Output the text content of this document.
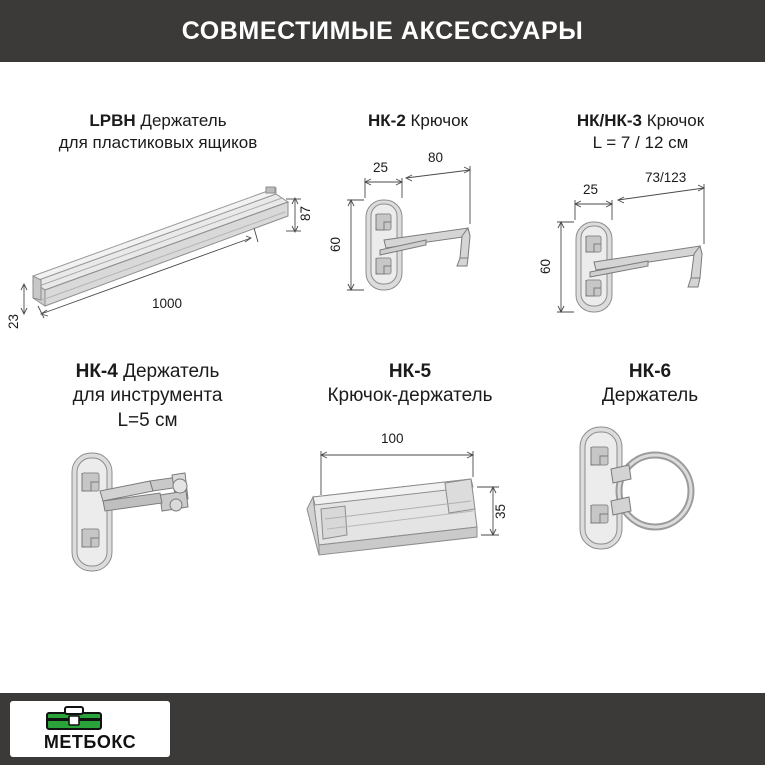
СОВМЕСТИМЫЕ АКСЕССУАРЫ
LPBH Держатель
для пластиковых ящиков
1000
87
23
НК-2 Крючок
25
80
60
НК/НК-3 Крючок
L = 7 / 12 см
25
73/123
60
НК-4 Держатель
для инструмента
L=5 см
НК-5
Крючок-держатель
100
35
НК-6
Держатель
МЕТБОКС
